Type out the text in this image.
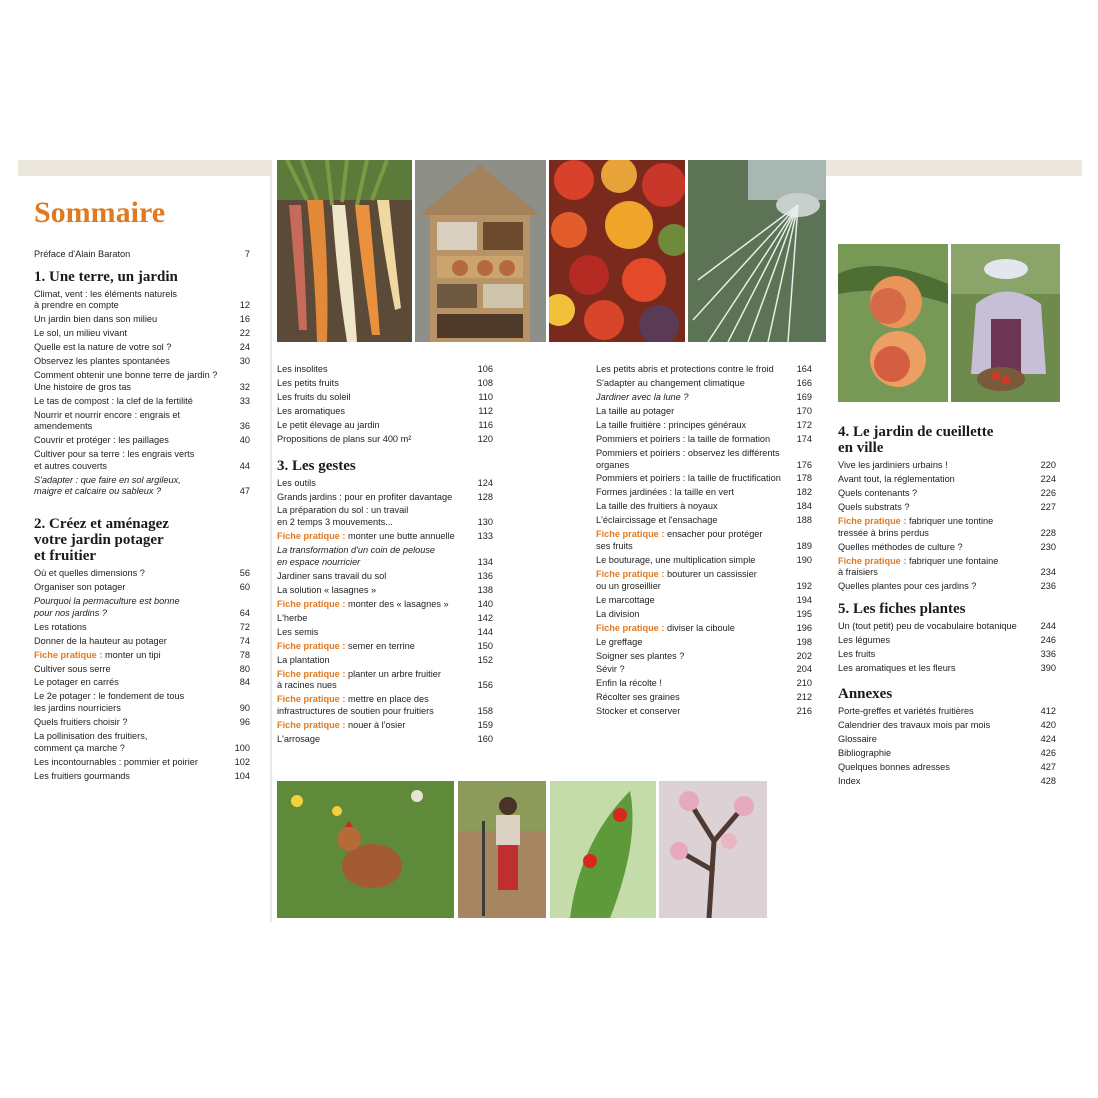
Sommaire
Préface d'Alain Baraton	7
1. Une terre, un jardin
Climat, vent : les éléments naturels
à prendre en compte	12
Un jardin bien dans son milieu	16
Le sol, un milieu vivant	22
Quelle est la nature de votre sol ?	24
Observez les plantes spontanées	30
Comment obtenir une bonne terre de jardin ?
Une histoire de gros tas	32
Le tas de compost : la clef de la fertilité	33
Nourrir et nourrir encore : engrais et
amendements	36
Couvrir et protéger : les paillages	40
Cultiver pour sa terre : les engrais verts
et autres couverts	44
S'adapter : que faire en sol argileux,
maigre et calcaire ou sableux ?	47
2. Créez et aménagez
votre jardin potager
et fruitier
Où et quelles dimensions ?	56
Organiser son potager	60
Pourquoi la permaculture est bonne
pour nos jardins ?	64
Les rotations	72
Donner de la hauteur au potager	74
Fiche pratique : monter un tipi	78
Cultiver sous serre	80
Le potager en carrés	84
Le 2e potager : le fondement de tous
les jardins nourriciers	90
Quels fruitiers choisir ?	96
La pollinisation des fruitiers,
comment ça marche ?	100
Les incontournables : pommier et poirier	102
Les fruitiers gourmands	104
Les insolites	106
Les petits fruits	108
Les fruits du soleil	110
Les aromatiques	112
Le petit élevage au jardin	116
Propositions de plans sur 400 m²	120
3. Les gestes
Les outils	124
Grands jardins : pour en profiter davantage	128
La préparation du sol : un travail
en 2 temps 3 mouvements...	130
Fiche pratique : monter une butte annuelle	133
La transformation d'un coin de pelouse
en espace nourricier	134
Jardiner sans travail du sol	136
La solution « lasagnes »	138
Fiche pratique : monter des « lasagnes »	140
L'herbe	142
Les semis	144
Fiche pratique : semer en terrine	150
La plantation	152
Fiche pratique : planter un arbre fruitier
à racines nues	156
Fiche pratique : mettre en place des
infrastructures de soutien pour fruitiers	158
Fiche pratique : nouer à l'osier	159
L'arrosage	160
Les petits abris et protections contre le froid	164
S'adapter au changement climatique	166
Jardiner avec la lune ?	169
La taille au potager	170
La taille fruitière : principes généraux	172
Pommiers et poiriers : la taille de formation	174
Pommiers et poiriers : observez les différents
organes	176
Pommiers et poiriers : la taille de fructification	178
Formes jardinées : la taille en vert	182
La taille des fruitiers à noyaux	184
L'éclaircissage et l'ensachage	188
Fiche pratique : ensacher pour protéger
ses fruits	189
Le bouturage, une multiplication simple	190
Fiche pratique : bouturer un cassissier
ou un groseillier	192
Le marcottage	194
La division	195
Fiche pratique : diviser la ciboule	196
Le greffage	198
Soigner ses plantes ?	202
Sévir ?	204
Enfin la récolte !	210
Récolter ses graines	212
Stocker et conserver	216
4. Le jardin de cueillette
en ville
Vive les jardiniers urbains !	220
Avant tout, la réglementation	224
Quels contenants ?	226
Quels substrats ?	227
Fiche pratique : fabriquer une tontine
tressée à brins perdus	228
Quelles méthodes de culture ?	230
Fiche pratique : fabriquer une fontaine
à fraisiers	234
Quelles plantes pour ces jardins ?	236
5. Les fiches plantes
Un (tout petit) peu de vocabulaire botanique	244
Les légumes	246
Les fruits	336
Les aromatiques et les fleurs	390
Annexes
Porte-greffes et variétés fruitières	412
Calendrier des travaux mois par mois	420
Glossaire	424
Bibliographie	426
Quelques bonnes adresses	427
Index	428
